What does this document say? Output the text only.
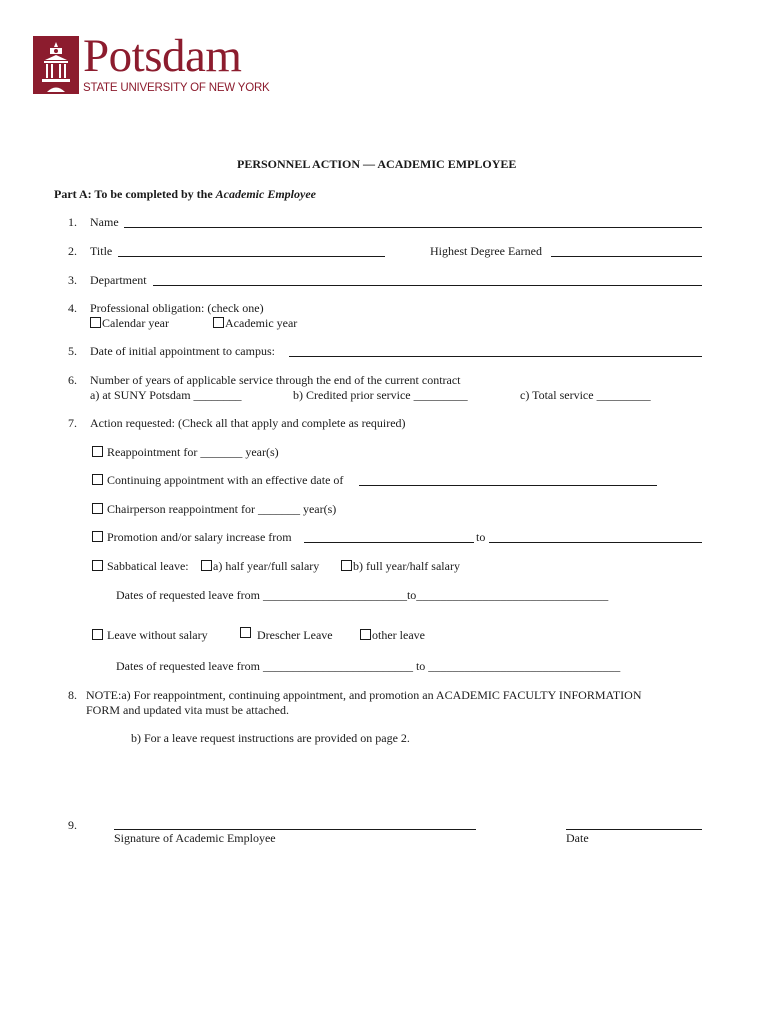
Potsdam
STATE UNIVERSITY OF NEW YORK
PERSONNEL ACTION — ACADEMIC EMPLOYEE
Part A: To be completed by the Academic Employee
1. Name
2. Title	Highest Degree Earned
3. Department
4. Professional obligation: (check one)
Calendar year	Academic year
5. Date of initial appointment to campus:
6. Number of years of applicable service through the end of the current contract
a) at SUNY Potsdam ________	b) Credited prior service _________	c) Total service _________
7. Action requested: (Check all that apply and complete as required)
Reappointment for _______ year(s)
Continuing appointment with an effective date of
Chairperson reappointment for _______ year(s)
Promotion and/or salary increase from	to
Sabbatical leave: a) half year/full salary	b) full year/half salary
Dates of requested leave from ________________________to________________________________
Leave without salary	Drescher Leave	other leave
Dates of requested leave from _________________________ to ________________________________
8. NOTE:a) For reappointment, continuing appointment, and promotion an ACADEMIC FACULTY INFORMATION
FORM and updated vita must be attached.
b) For a leave request instructions are provided on page 2.
9.
Signature of Academic Employee	Date
